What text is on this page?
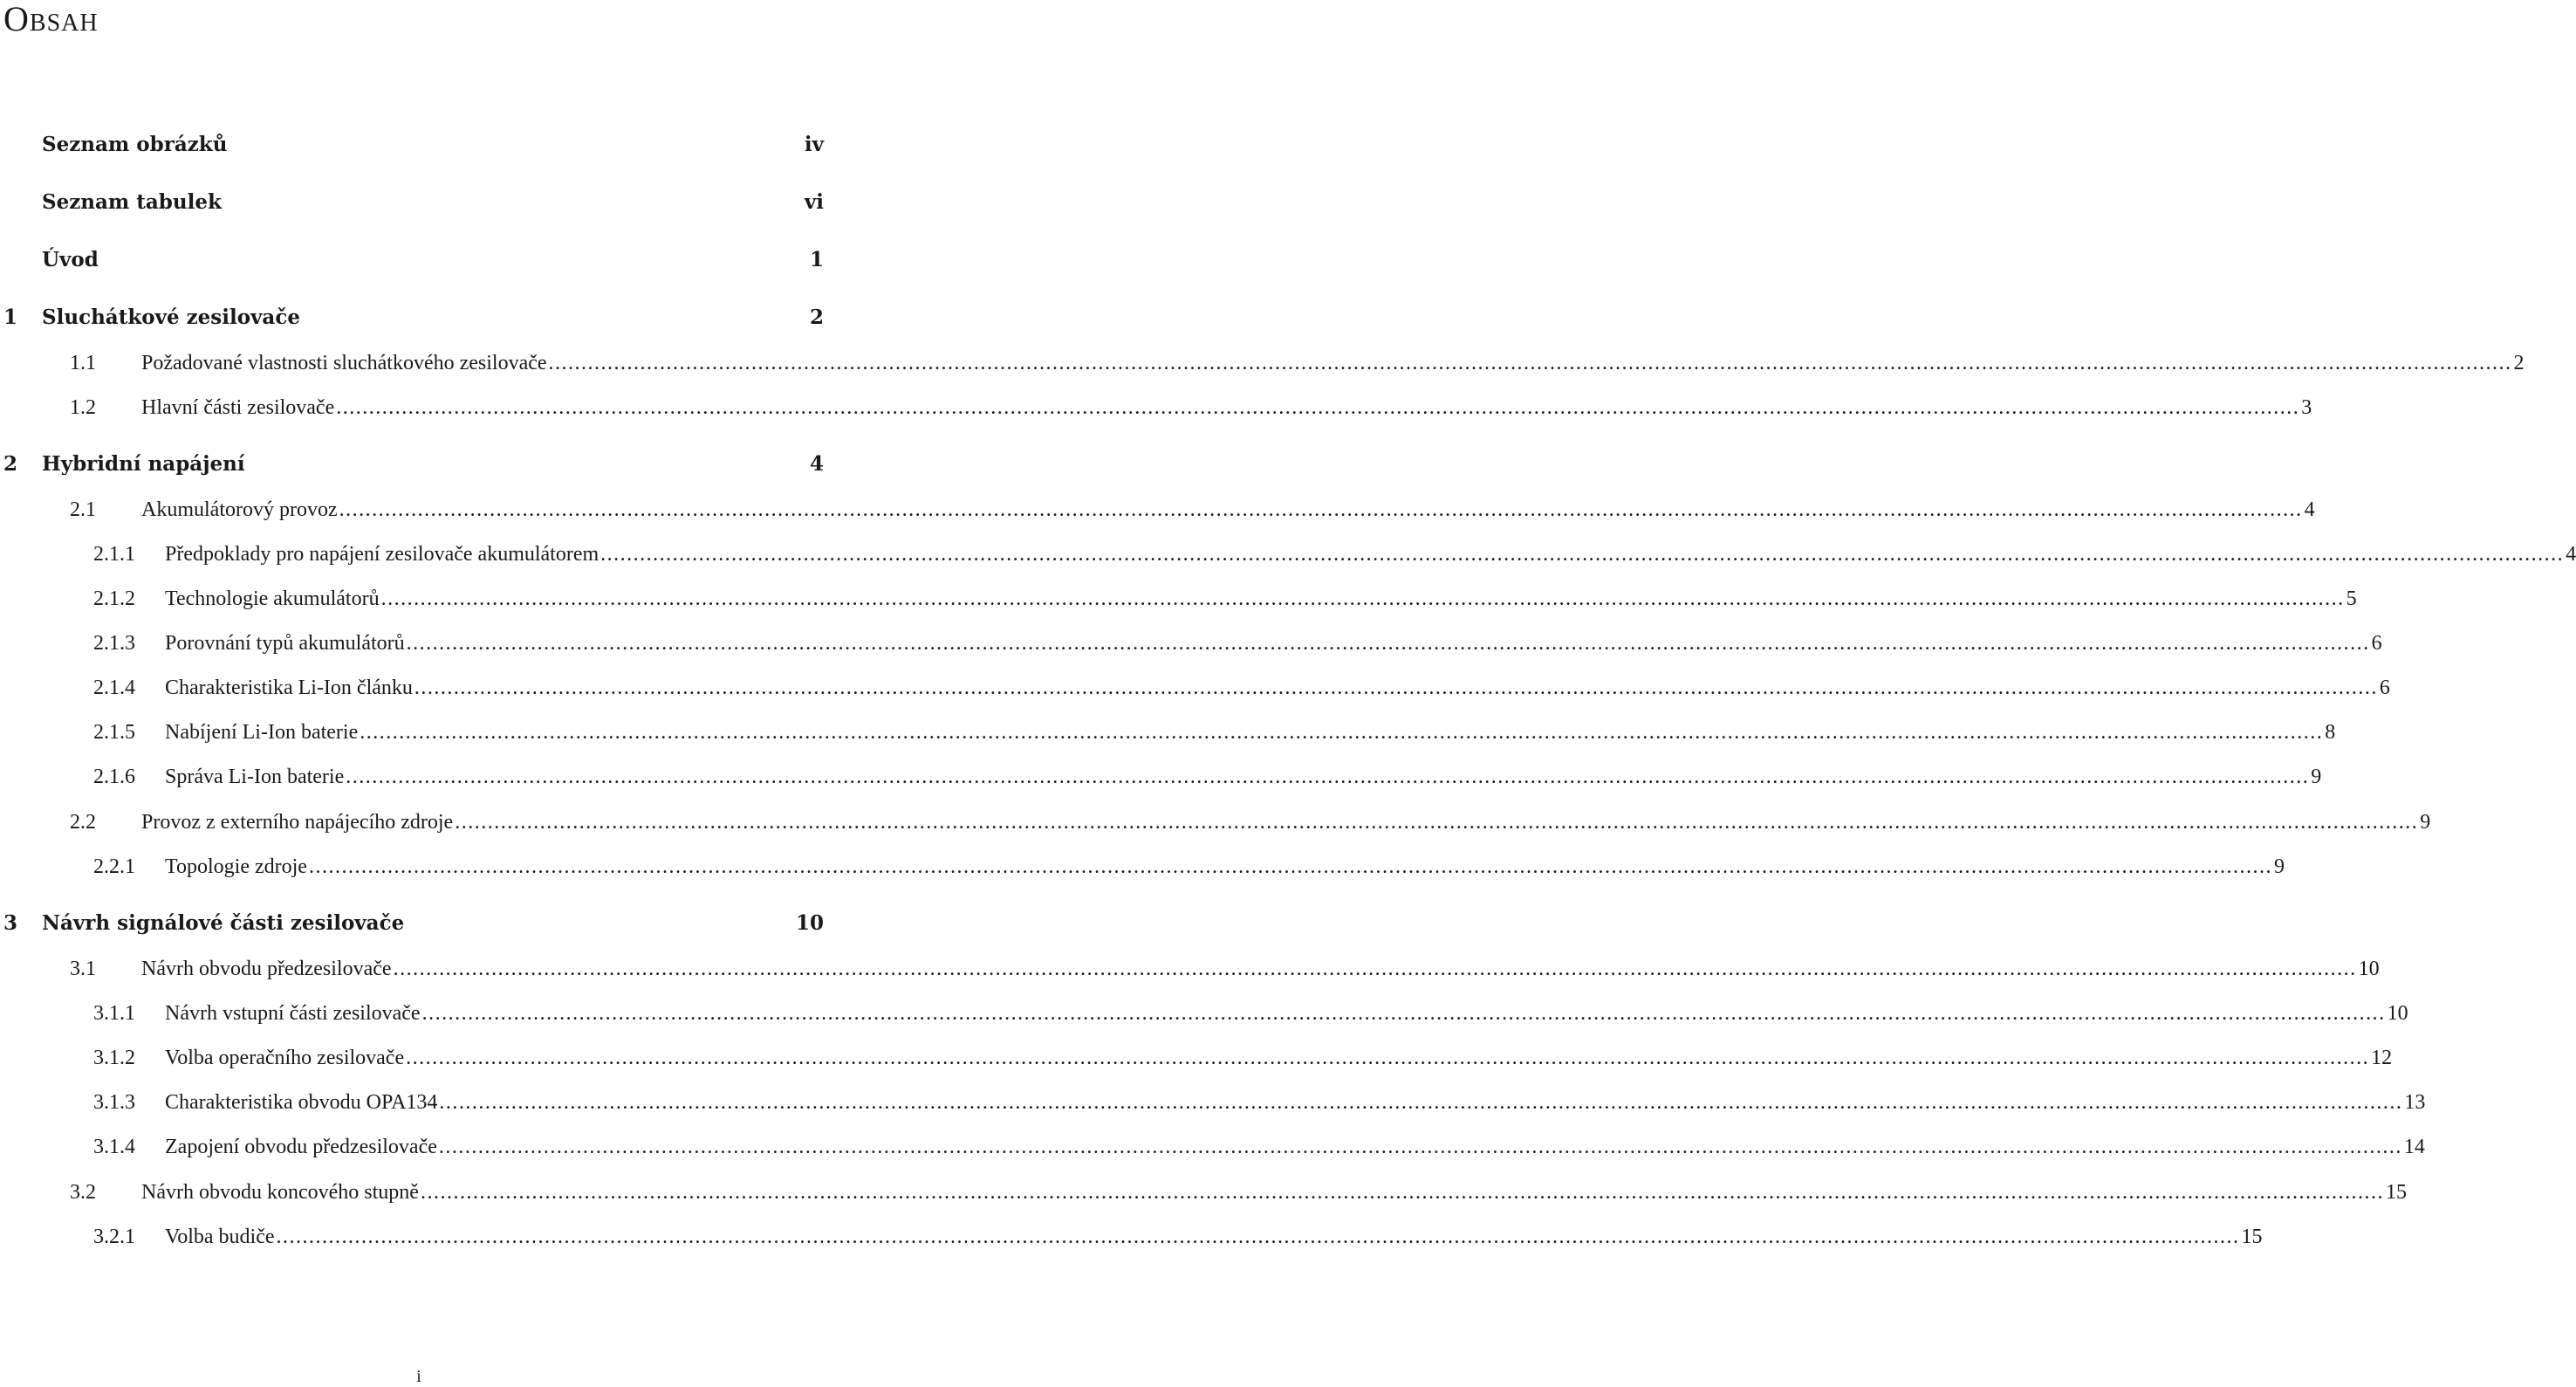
Obsah
Seznam obrázků	iv
Seznam tabulek	vi
Úvod	1
1	Sluchátkové zesilovače	2
1.1	Požadované vlastnosti sluchátkového zesilovače ............................................................................................................................................................................................................................................................................................................ 2
1.2	Hlavní části zesilovače ............................................................................................................................................................................................................................................................................................................ 3
2	Hybridní napájení	4
2.1	Akumulátorový provoz ............................................................................................................................................................................................................................................................................................................ 4
2.1.1	Předpoklady pro napájení zesilovače akumulátorem ............................................................................................................................................................................................................................................................................................................ 4
2.1.2	Technologie akumulátorů ............................................................................................................................................................................................................................................................................................................ 5
2.1.3	Porovnání typů akumulátorů ............................................................................................................................................................................................................................................................................................................ 6
2.1.4	Charakteristika Li-Ion článku ............................................................................................................................................................................................................................................................................................................ 6
2.1.5	Nabíjení Li-Ion baterie ............................................................................................................................................................................................................................................................................................................ 8
2.1.6	Správa Li-Ion baterie ............................................................................................................................................................................................................................................................................................................ 9
2.2	Provoz z externího napájecího zdroje ............................................................................................................................................................................................................................................................................................................ 9
2.2.1	Topologie zdroje ............................................................................................................................................................................................................................................................................................................ 9
3	Návrh signálové části zesilovače	10
3.1	Návrh obvodu předzesilovače ............................................................................................................................................................................................................................................................................................................ 10
3.1.1	Návrh vstupní části zesilovače ............................................................................................................................................................................................................................................................................................................ 10
3.1.2	Volba operačního zesilovače ............................................................................................................................................................................................................................................................................................................ 12
3.1.3	Charakteristika obvodu OPA134 ............................................................................................................................................................................................................................................................................................................ 13
3.1.4	Zapojení obvodu předzesilovače ............................................................................................................................................................................................................................................................................................................ 14
3.2	Návrh obvodu koncového stupně ............................................................................................................................................................................................................................................................................................................ 15
3.2.1	Volba budiče ............................................................................................................................................................................................................................................................................................................ 15
i
